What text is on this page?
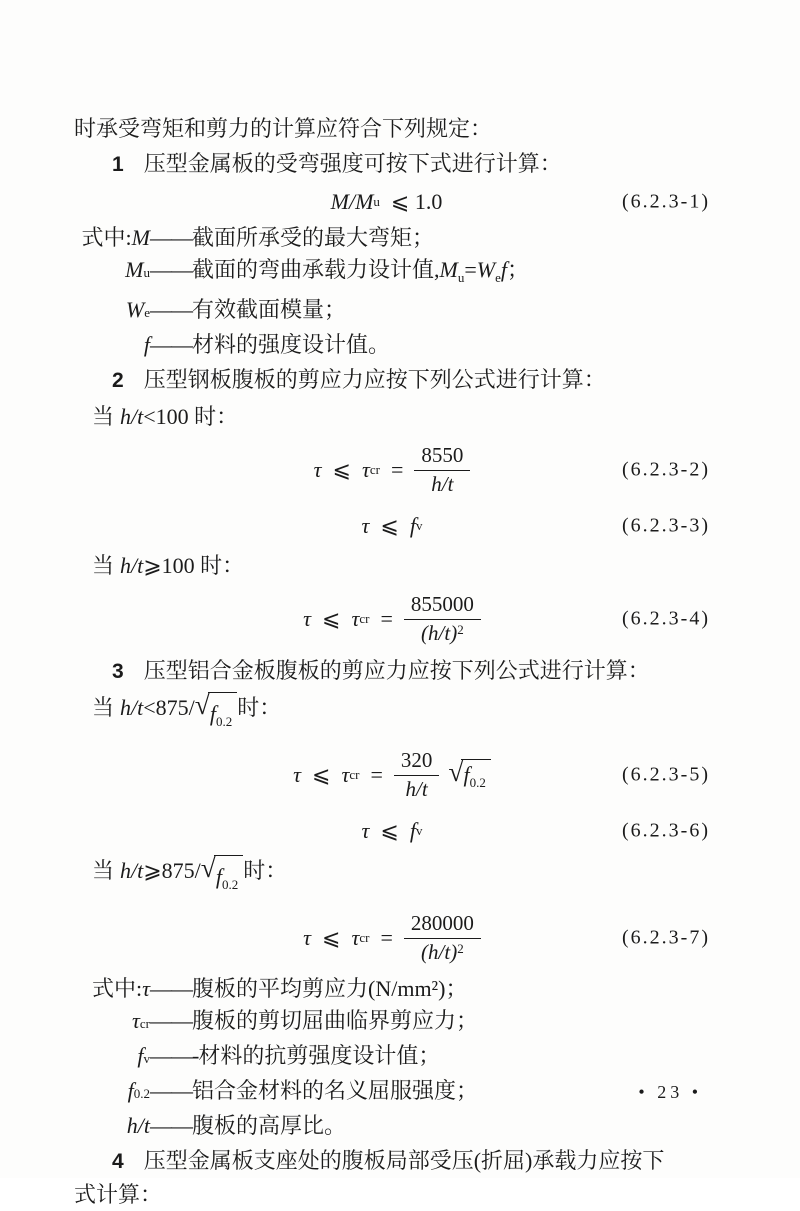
时承受弯矩和剪力的计算应符合下列规定：

1 压型金属板的受弯强度可按下式进行计算：

M/M u ⩽ 1.0	(6.2.3-1)
式中: M —— 截面所承受的最大弯矩；
M u —— 截面的弯曲承载力设计值$,M_u=W_ef$；
W e —— 有效截面模量；
f —— 材料的强度设计值。

2 压型钢板腹板的剪应力应按下列公式进行计算：

当 h/t<100 时：

τ ⩽ τ cr = $\frac{8550}{h/t}$	(6.2.3-2)
τ ⩽ f v	(6.2.3-3)

当 h/t⩾100 时：

τ ⩽ τ cr = $\frac{855000}{(h/t)^2}$	(6.2.3-4)

3 压型铝合金板腹板的剪应力应按下列公式进行计算：

当 h/t<875/ √ $f_{0.2}$
时：

τ ⩽ τ cr = $\frac{320}{h/t}$ √ $f_{0.2}$	(6.2.3-5)
τ ⩽ f v	(6.2.3-6)

当 h/t⩾875/ √ $f_{0.2}$
时：

τ ⩽ τ cr = $\frac{280000}{(h/t)^2}$	(6.2.3-7)
式中: τ —— 腹板的平均剪应力(N/mm²)；
τ cr —— 腹板的剪切屈曲临界剪应力；
f v ——- 材料的抗剪强度设计值；
f 0.2 —— 铝合金材料的名义屈服强度；
h/t —— 腹板的高厚比。

4 压型金属板支座处的腹板局部受压(折屈)承载力应按下

式计算：

• 23 •
